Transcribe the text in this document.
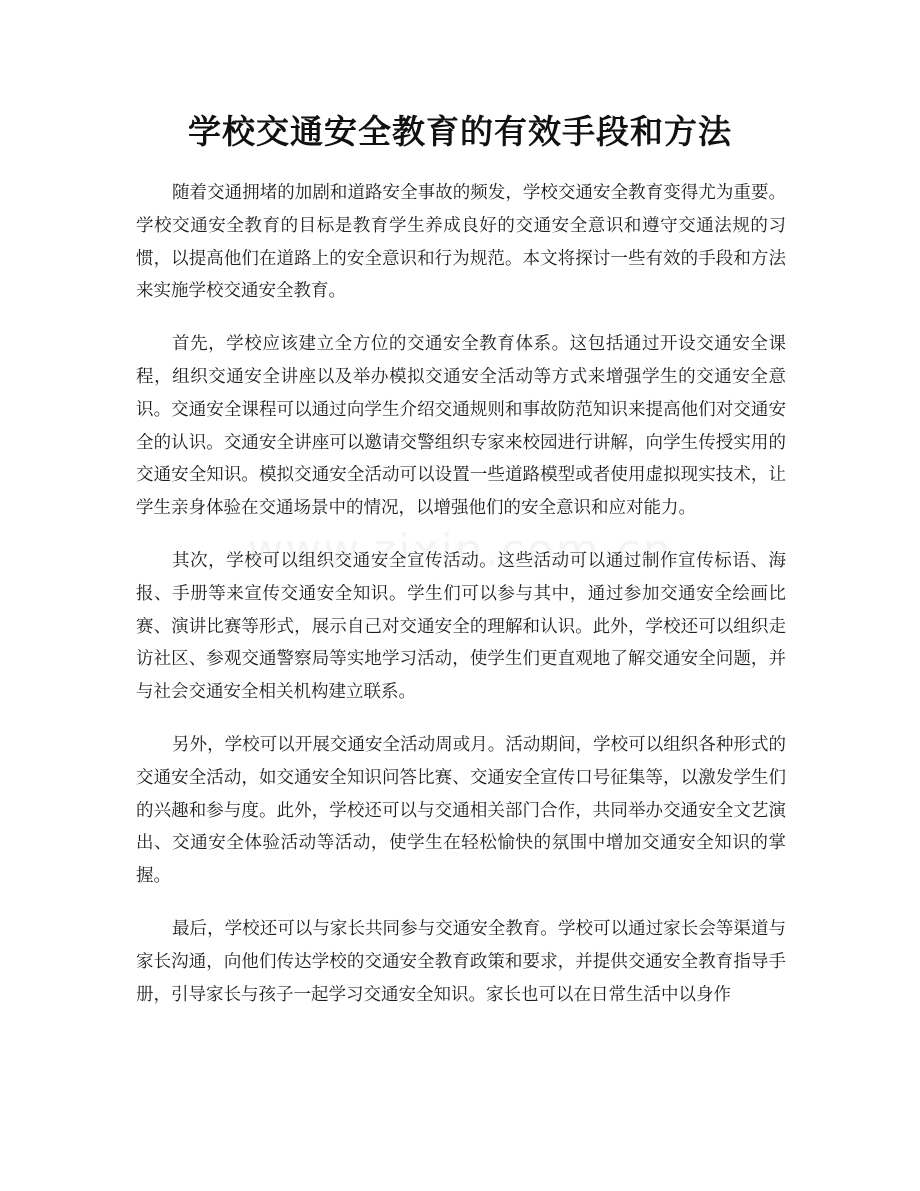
学校交通安全教育的有效手段和方法

随着交通拥堵的加剧和道路安全事故的频发，学校交通安全教育变得尤为重要。学校交通安全教育的目标是教育学生养成良好的交通安全意识和遵守交通法规的习惯，以提高他们在道路上的安全意识和行为规范。本文将探讨一些有效的手段和方法来实施学校交通安全教育。

首先，学校应该建立全方位的交通安全教育体系。这包括通过开设交通安全课程，组织交通安全讲座以及举办模拟交通安全活动等方式来增强学生的交通安全意识。交通安全课程可以通过向学生介绍交通规则和事故防范知识来提高他们对交通安全的认识。交通安全讲座可以邀请交警组织专家来校园进行讲解，向学生传授实用的交通安全知识。模拟交通安全活动可以设置一些道路模型或者使用虚拟现实技术，让学生亲身体验在交通场景中的情况，以增强他们的安全意识和应对能力。

其次，学校可以组织交通安全宣传活动。这些活动可以通过制作宣传标语、海报、手册等来宣传交通安全知识。学生们可以参与其中，通过参加交通安全绘画比赛、演讲比赛等形式，展示自己对交通安全的理解和认识。此外，学校还可以组织走访社区、参观交通警察局等实地学习活动，使学生们更直观地了解交通安全问题，并与社会交通安全相关机构建立联系。

另外，学校可以开展交通安全活动周或月。活动期间，学校可以组织各种形式的交通安全活动，如交通安全知识问答比赛、交通安全宣传口号征集等，以激发学生们的兴趣和参与度。此外，学校还可以与交通相关部门合作，共同举办交通安全文艺演出、交通安全体验活动等活动，使学生在轻松愉快的氛围中增加交通安全知识的掌握。

最后，学校还可以与家长共同参与交通安全教育。学校可以通过家长会等渠道与家长沟通，向他们传达学校的交通安全教育政策和要求，并提供交通安全教育指导手册，引导家长与孩子一起学习交通安全知识。家长也可以在日常生活中以身作
